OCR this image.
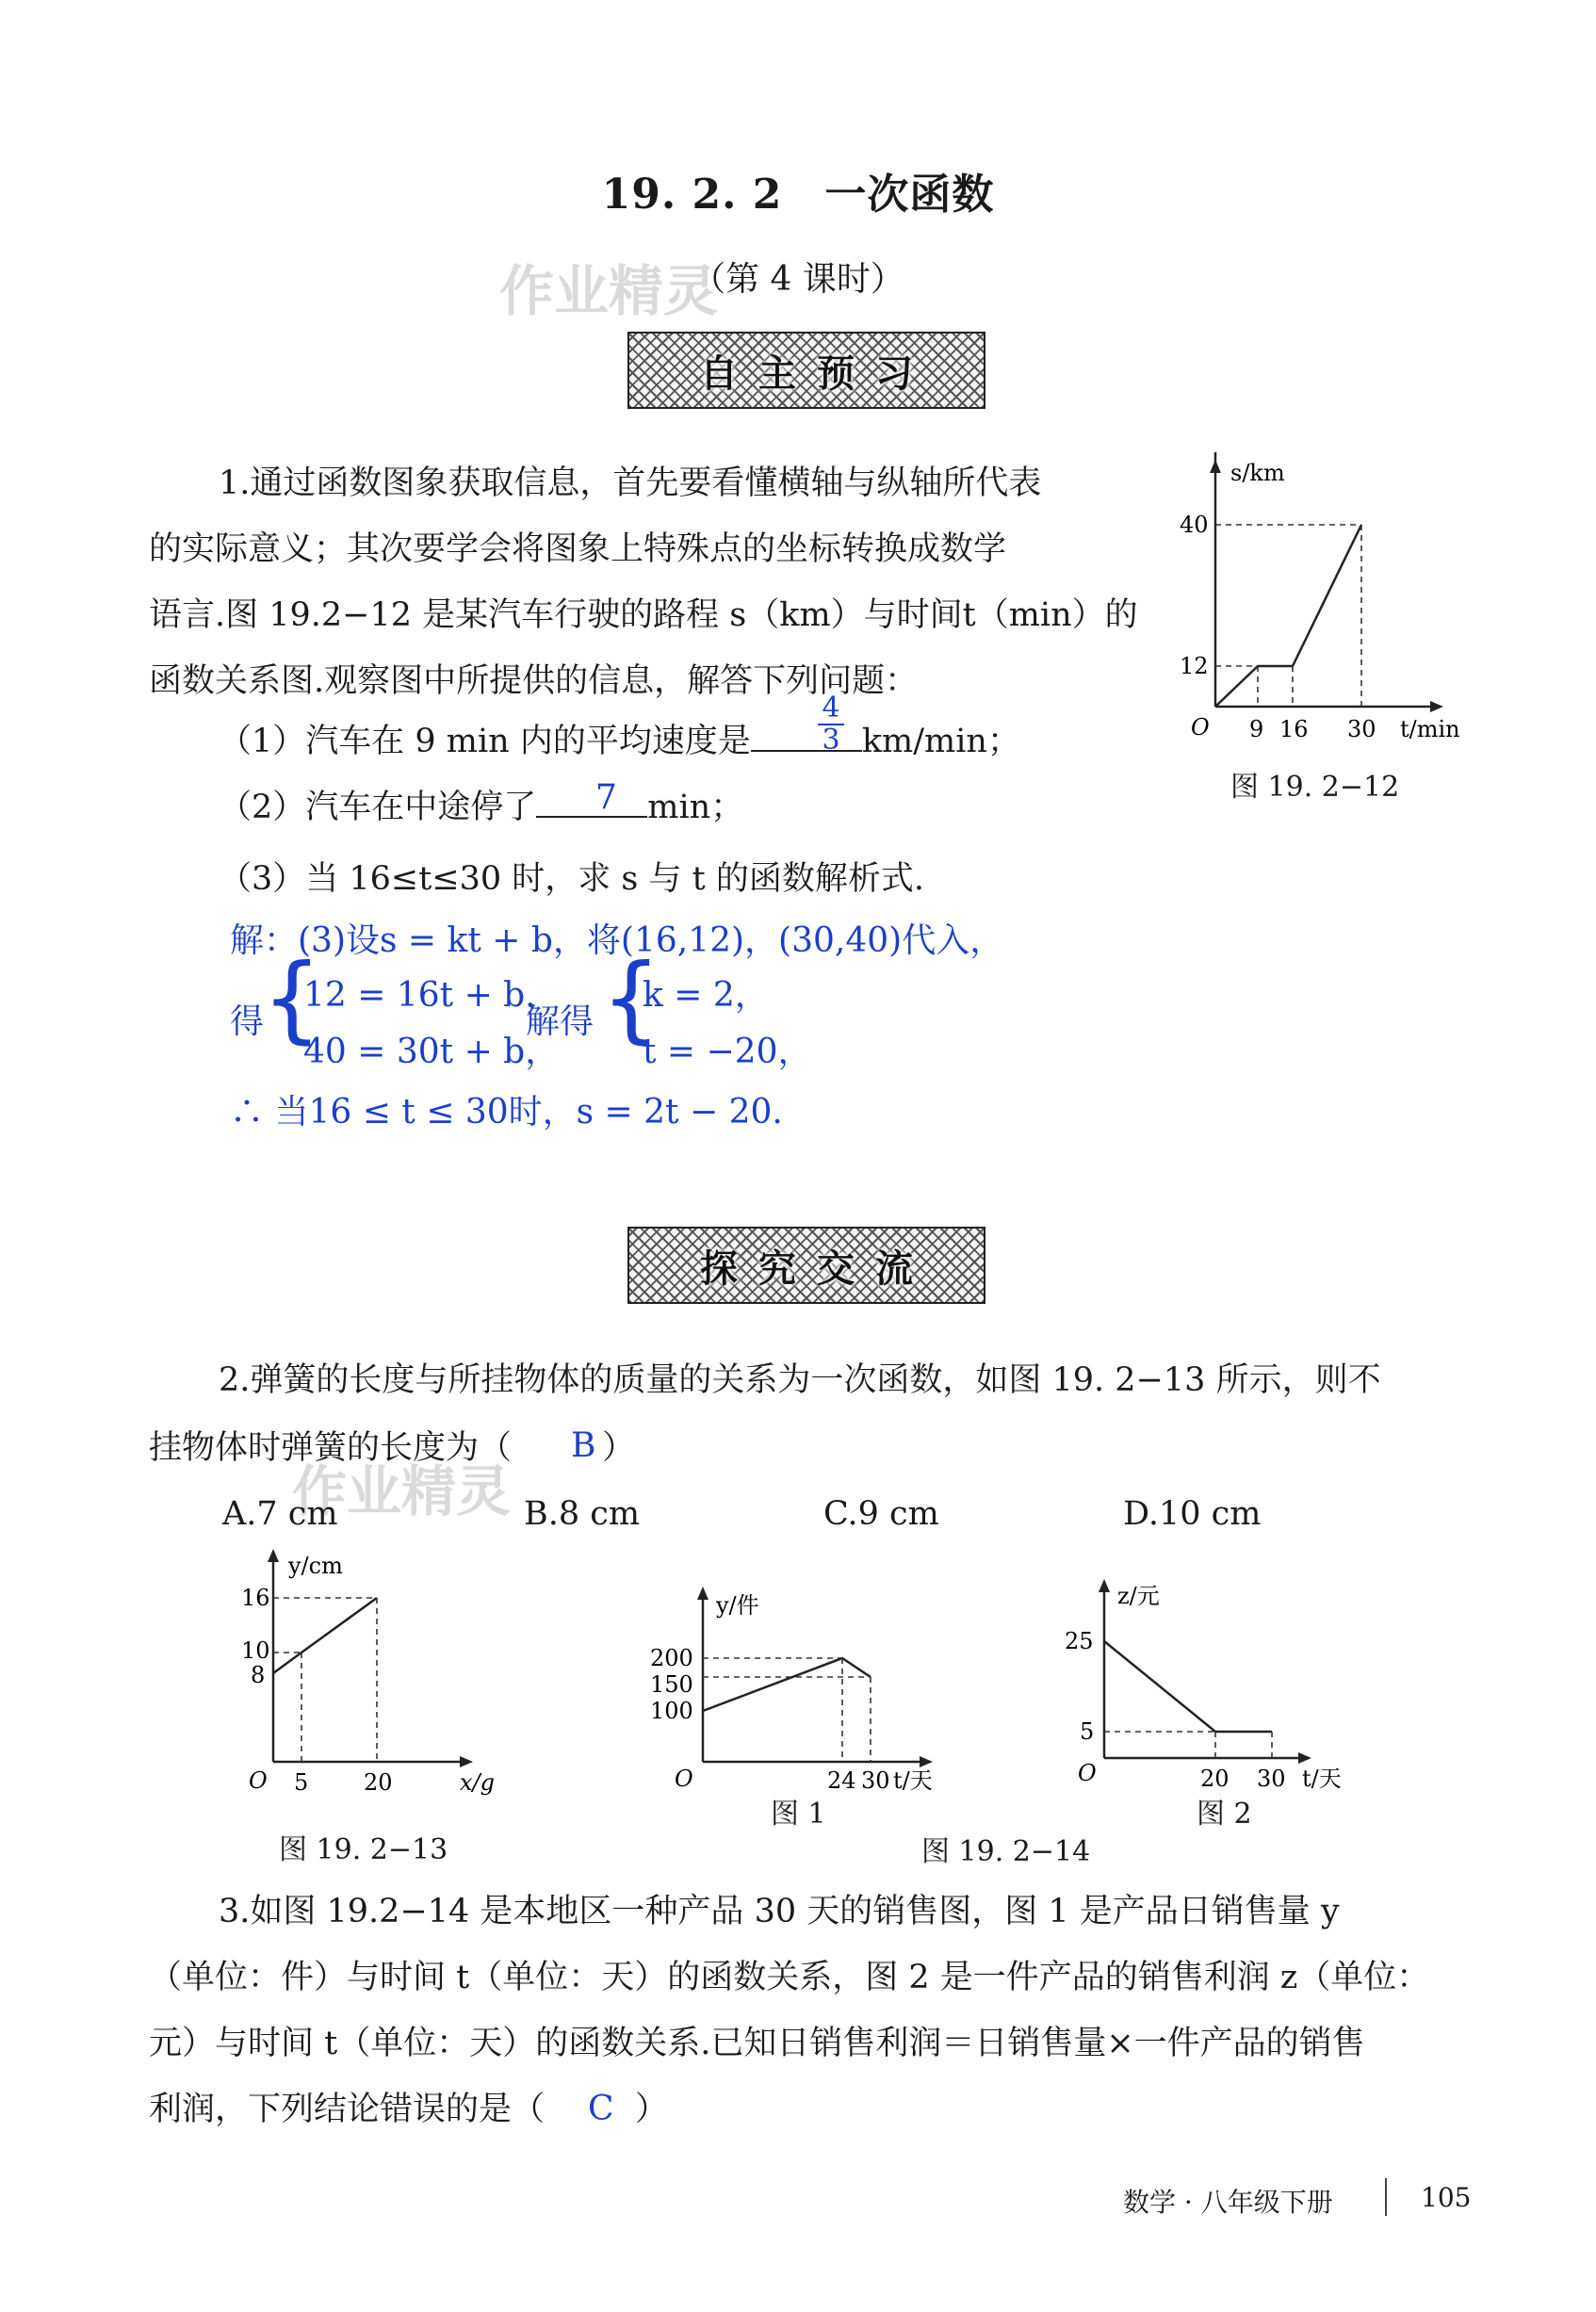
19. 2. 2　一次函数
（第 4 课时）
作业精灵
自主预习
1.通过函数图象获取信息，首先要看懂横轴与纵轴所代表
的实际意义；其次要学会将图象上特殊点的坐标转换成数学
语言.图 19.2−12 是某汽车行驶的路程 s（km）与时间t（min）的
函数关系图.观察图中所提供的信息，解答下列问题：
（1）汽车在 9 min 内的平均速度是	km/min；
$\frac{4}{3}$
（2）汽车在中途停了	min；
7
（3）当 16≤t≤30 时，求 s 与 t 的函数解析式.
解：(3)设s = kt + b，将(16,12)，(30,40)代入，
得
{
12 = 16t + b，
40 = 30t + b，
解得 {
k = 2，
t = −20，
∴ 当16 ≤ t ≤ 30时，s = 2t − 20.
s/km
40
12
O 9 16 30 t/min
图 19. 2−12
探究交流
2.弹簧的长度与所挂物体的质量的关系为一次函数，如图 19. 2−13 所示，则不
挂物体时弹簧的长度为（	）
B
作业精灵
A.7 cm	B.8 cm	C.9 cm	D.10 cm
y/cm
16
10
8
O 5 20	x/g
图 19. 2−13
y/件
200
150
100
O	24 30 t/天
图 1
z/元
25
5
O	20 30 t/天
图 2
图 19. 2−14
3.如图 19.2−14 是本地区一种产品 30 天的销售图，图 1 是产品日销售量 y
（单位：件）与时间 t（单位：天）的函数关系，图 2 是一件产品的销售利润 z（单位：
元）与时间 t（单位：天）的函数关系.已知日销售利润＝日销售量×一件产品的销售
利润，下列结论错误的是（	）
C
数学 · 八年级下册	105
